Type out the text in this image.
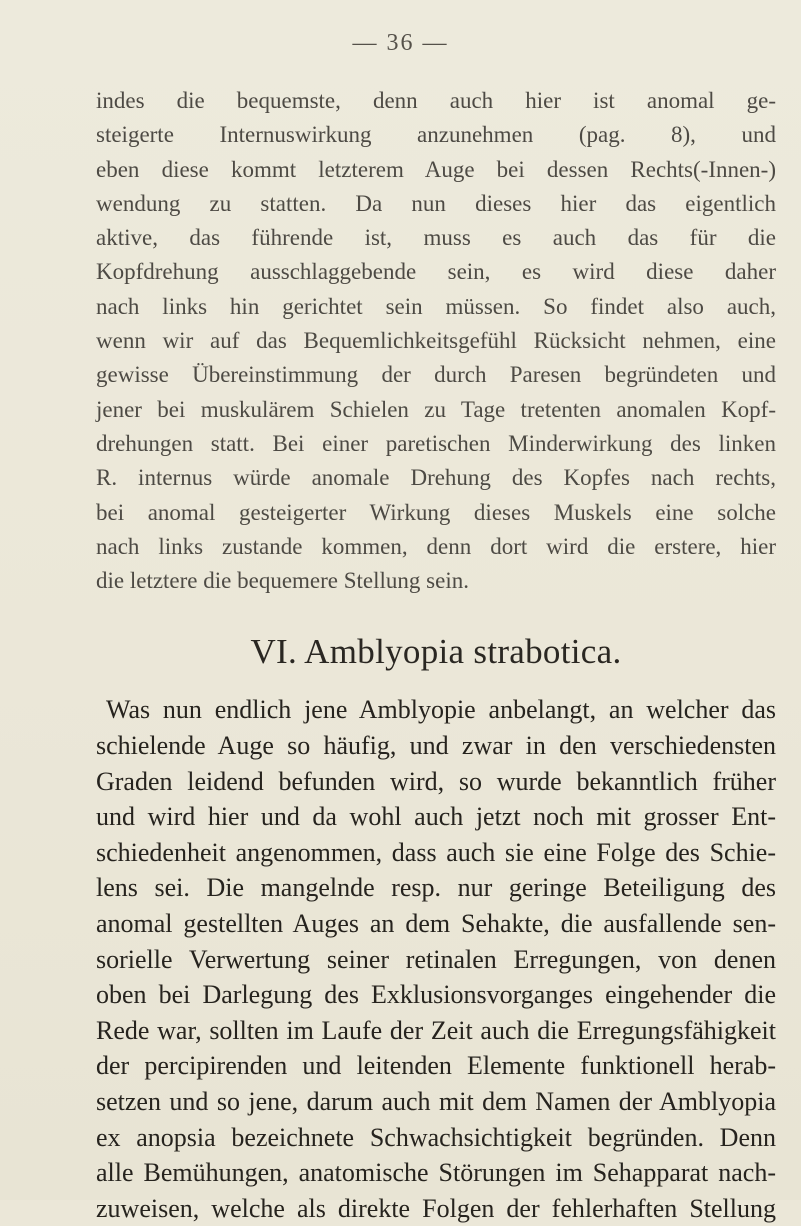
— 36 —
indes die bequemste, denn auch hier ist anomal ge-
steigerte Internuswirkung anzunehmen (pag. 8), und
eben diese kommt letzterem Auge bei dessen Rechts(-Innen-)
wendung zu statten. Da nun dieses hier das eigentlich
aktive, das führende ist, muss es auch das für die
Kopfdrehung ausschlaggebende sein, es wird diese daher
nach links hin gerichtet sein müssen. So findet also auch,
wenn wir auf das Bequemlichkeitsgefühl Rücksicht nehmen, eine
gewisse Übereinstimmung der durch Paresen begründeten und
jener bei muskulärem Schielen zu Tage tretenten anomalen Kopf-
drehungen statt. Bei einer paretischen Minderwirkung des linken
R. internus würde anomale Drehung des Kopfes nach rechts,
bei anomal gesteigerter Wirkung dieses Muskels eine solche
nach links zustande kommen, denn dort wird die erstere, hier
die letztere die bequemere Stellung sein.
VI. Amblyopia strabotica.
Was nun endlich jene Amblyopie anbelangt, an welcher das
schielende Auge so häufig, und zwar in den verschiedensten
Graden leidend befunden wird, so wurde bekanntlich früher
und wird hier und da wohl auch jetzt noch mit grosser Ent-
schiedenheit angenommen, dass auch sie eine Folge des Schie-
lens sei. Die mangelnde resp. nur geringe Beteiligung des
anomal gestellten Auges an dem Sehakte, die ausfallende sen-
sorielle Verwertung seiner retinalen Erregungen, von denen
oben bei Darlegung des Exklusionsvorganges eingehender die
Rede war, sollten im Laufe der Zeit auch die Erregungsfähigkeit
der percipirenden und leitenden Elemente funktionell herab-
setzen und so jene, darum auch mit dem Namen der Amblyopia
ex anopsia bezeichnete Schwachsichtigkeit begründen. Denn
alle Bemühungen, anatomische Störungen im Sehapparat nach-
zuweisen, welche als direkte Folgen der fehlerhaften Stellung
